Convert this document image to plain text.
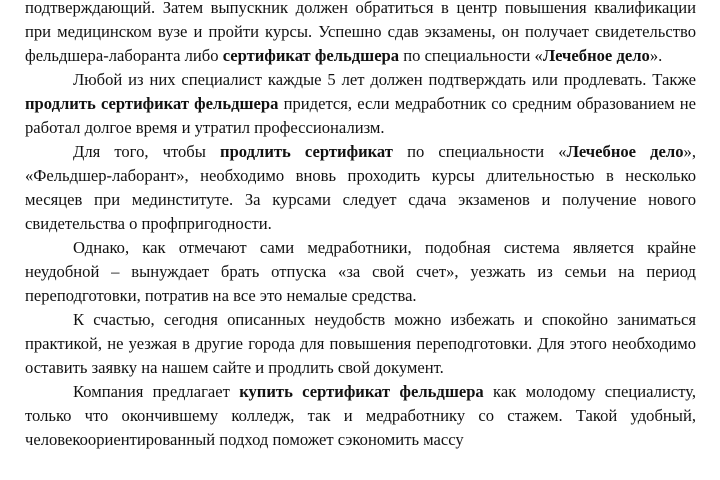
подтверждающий. Затем выпускник должен обратиться в центр повышения квалификации при медицинском вузе и пройти курсы. Успешно сдав экзамены, он получает свидетельство фельдшера-лаборанта либо сертификат фельдшера по специальности «Лечебное дело».

Любой из них специалист каждые 5 лет должен подтверждать или продлевать. Также продлить сертификат фельдшера придется, если медработник со средним образованием не работал долгое время и утратил профессионализм.

Для того, чтобы продлить сертификат по специальности «Лечебное дело», «Фельдшер-лаборант», необходимо вновь проходить курсы длительностью в несколько месяцев при мединституте. За курсами следует сдача экзаменов и получение нового свидетельства о профпригодности.

Однако, как отмечают сами медработники, подобная система является крайне неудобной – вынуждает брать отпуска «за свой счет», уезжать из семьи на период переподготовки, потратив на все это немалые средства.

К счастью, сегодня описанных неудобств можно избежать и спокойно заниматься практикой, не уезжая в другие города для повышения переподготовки. Для этого необходимо оставить заявку на нашем сайте и продлить свой документ.

Компания предлагает купить сертификат фельдшера как молодому специалисту, только что окончившему колледж, так и медработнику со стажем. Такой удобный, человекоориентированный подход поможет сэкономить массу
